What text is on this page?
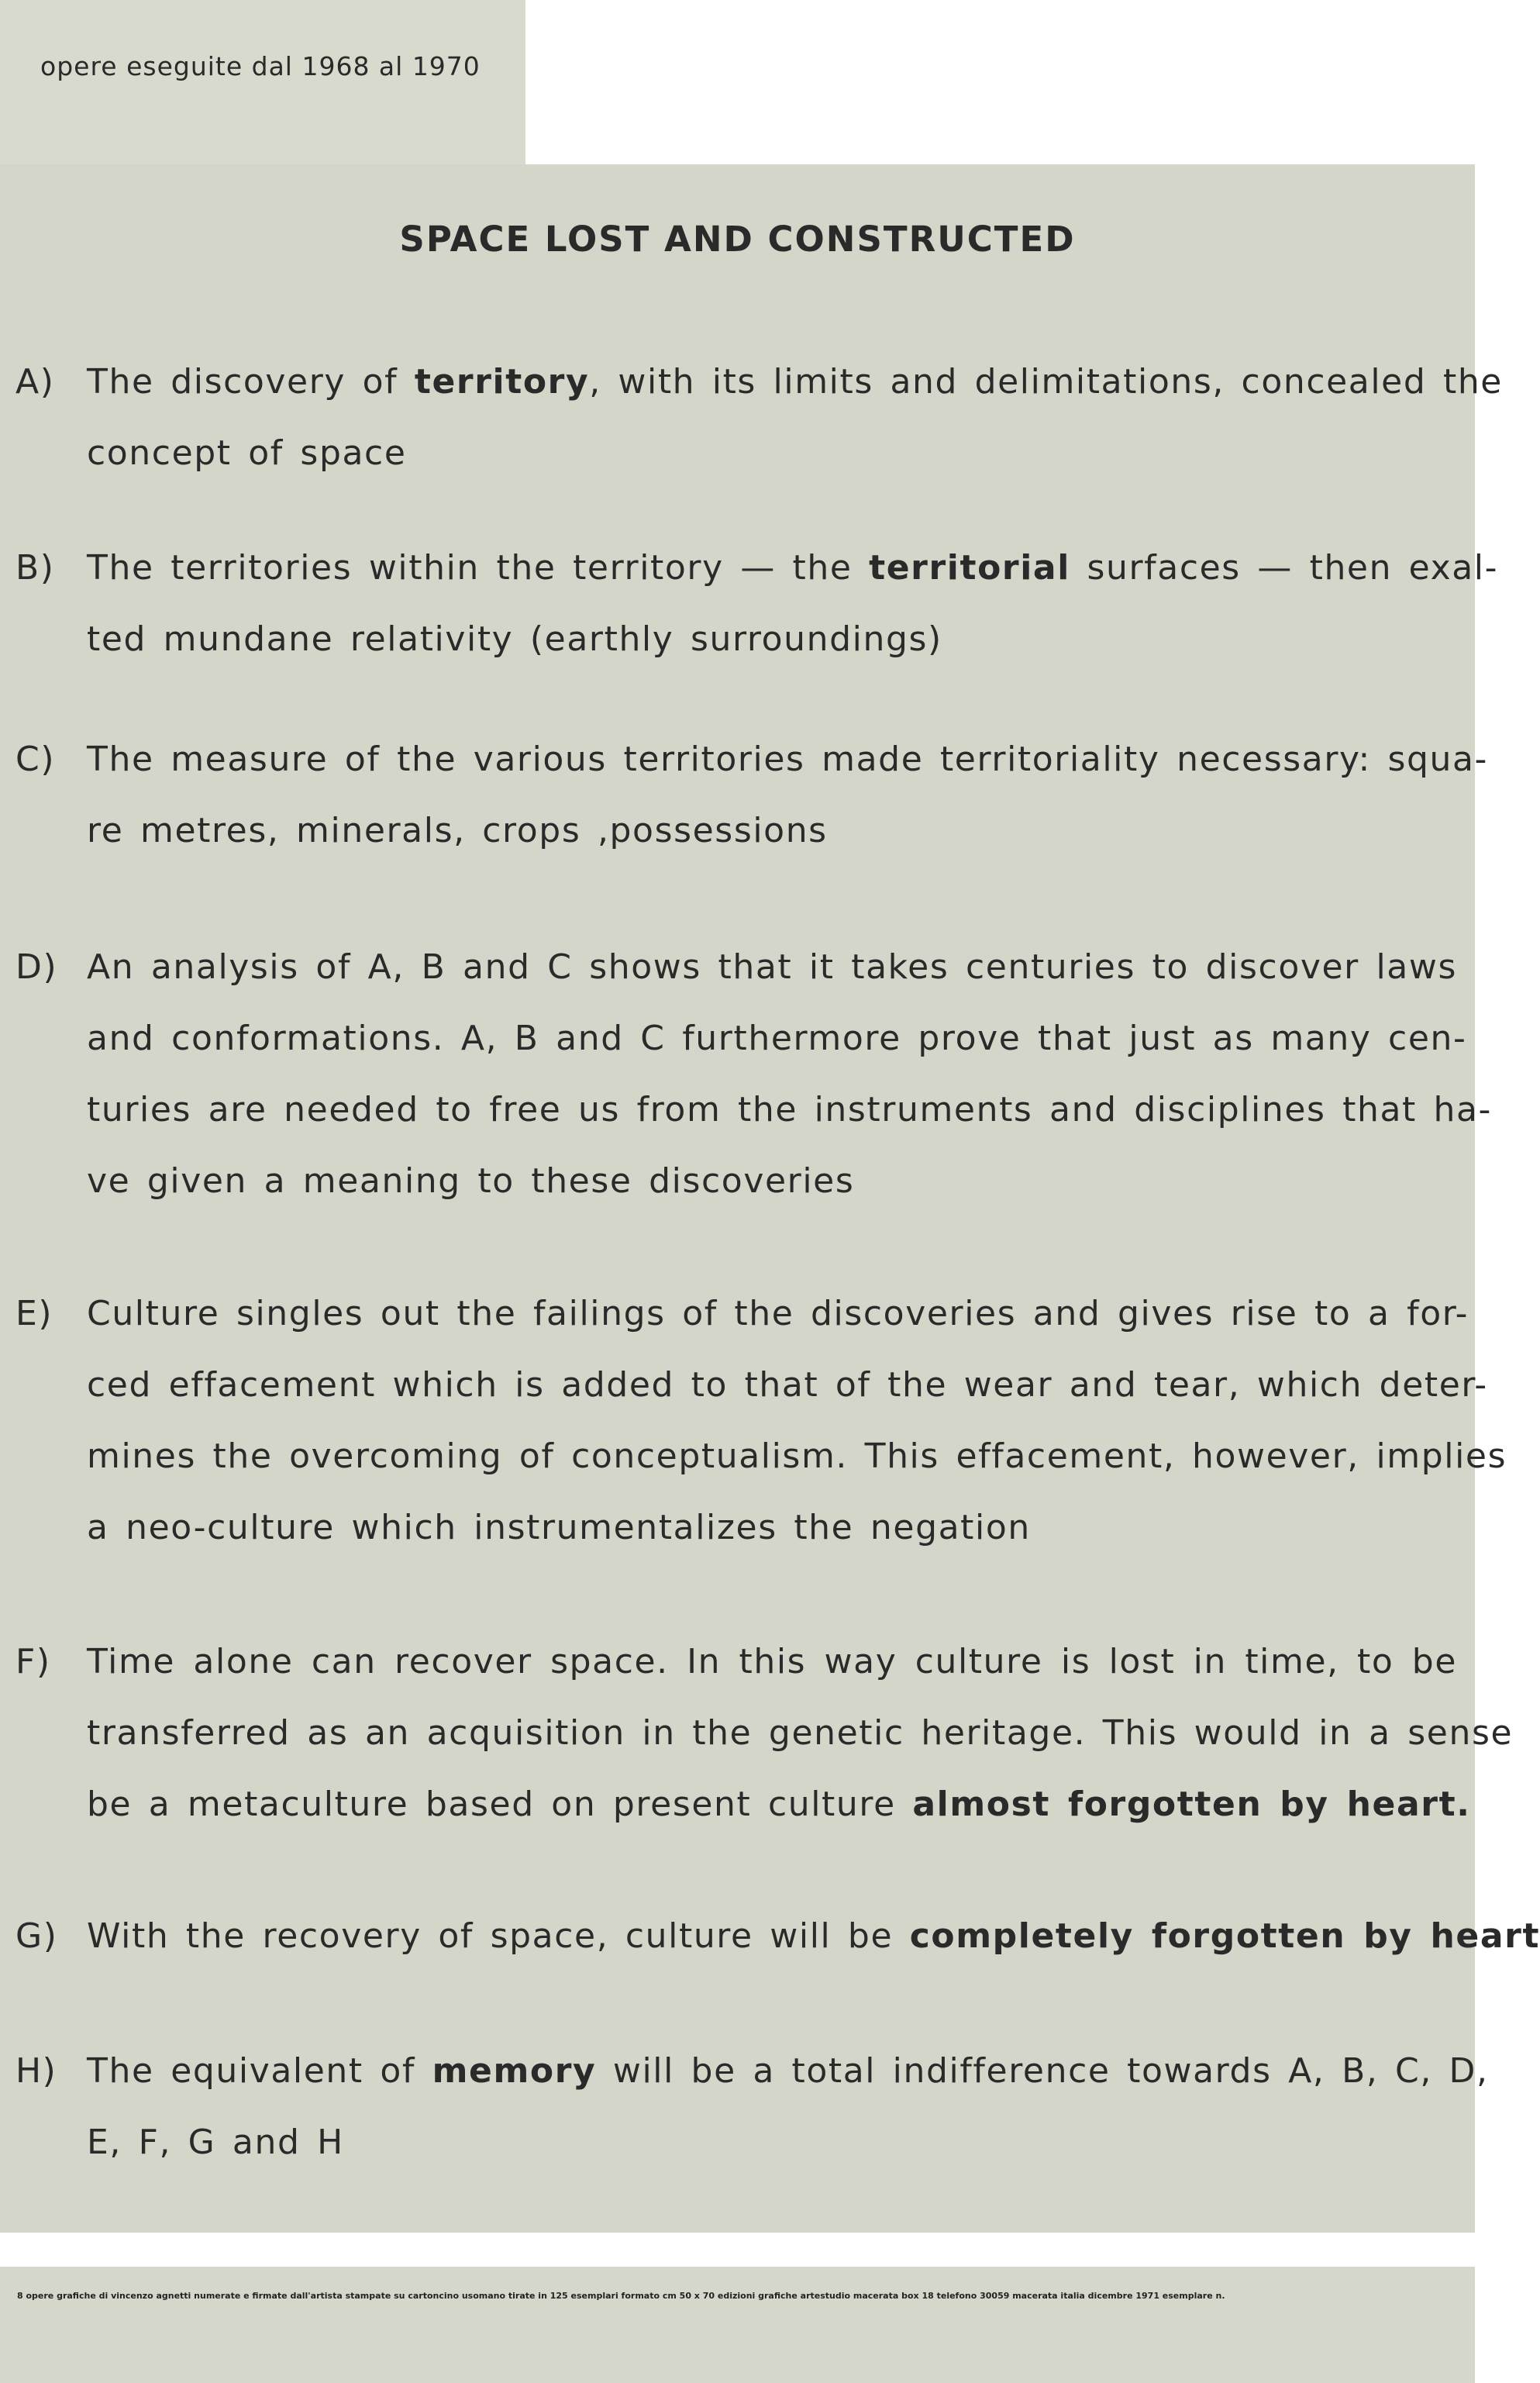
opere eseguite dal 1968 al 1970
SPACE LOST AND CONSTRUCTED
A) The discovery of territory, with its limits and delimitations, concealed the
concept of space
B) The territories within the territory — the territorial surfaces — then exal-
ted mundane relativity (earthly surroundings)
C) The measure of the various territories made territoriality necessary: squa-
re metres, minerals, crops ,possessions
D) An analysis of A, B and C shows that it takes centuries to discover laws
and conformations. A, B and C furthermore prove that just as many cen-
turies are needed to free us from the instruments and disciplines that ha-
ve given a meaning to these discoveries
E) Culture singles out the failings of the discoveries and gives rise to a for-
ced effacement which is added to that of the wear and tear, which deter-
mines the overcoming of conceptualism. This effacement, however, implies
a neo-culture which instrumentalizes the negation
F)	Time alone can recover space. In this way culture is lost in time, to be
transferred as an acquisition in the genetic heritage. This would in a sense
be a metaculture based on present culture almost forgotten by heart.
G) With the recovery of space, culture will be completely forgotten by heart
H) The equivalent of memory will be a total indifference towards A, B, C, D,
E, F, G and H
8 opere grafiche di vincenzo agnetti numerate e firmate dall'artista stampate su cartoncino usomano tirate in 125 esemplari formato cm 50 x 70 edizioni grafiche artestudio macerata box 18 telefono 30059 macerata italia dicembre 1971 esemplare n.
